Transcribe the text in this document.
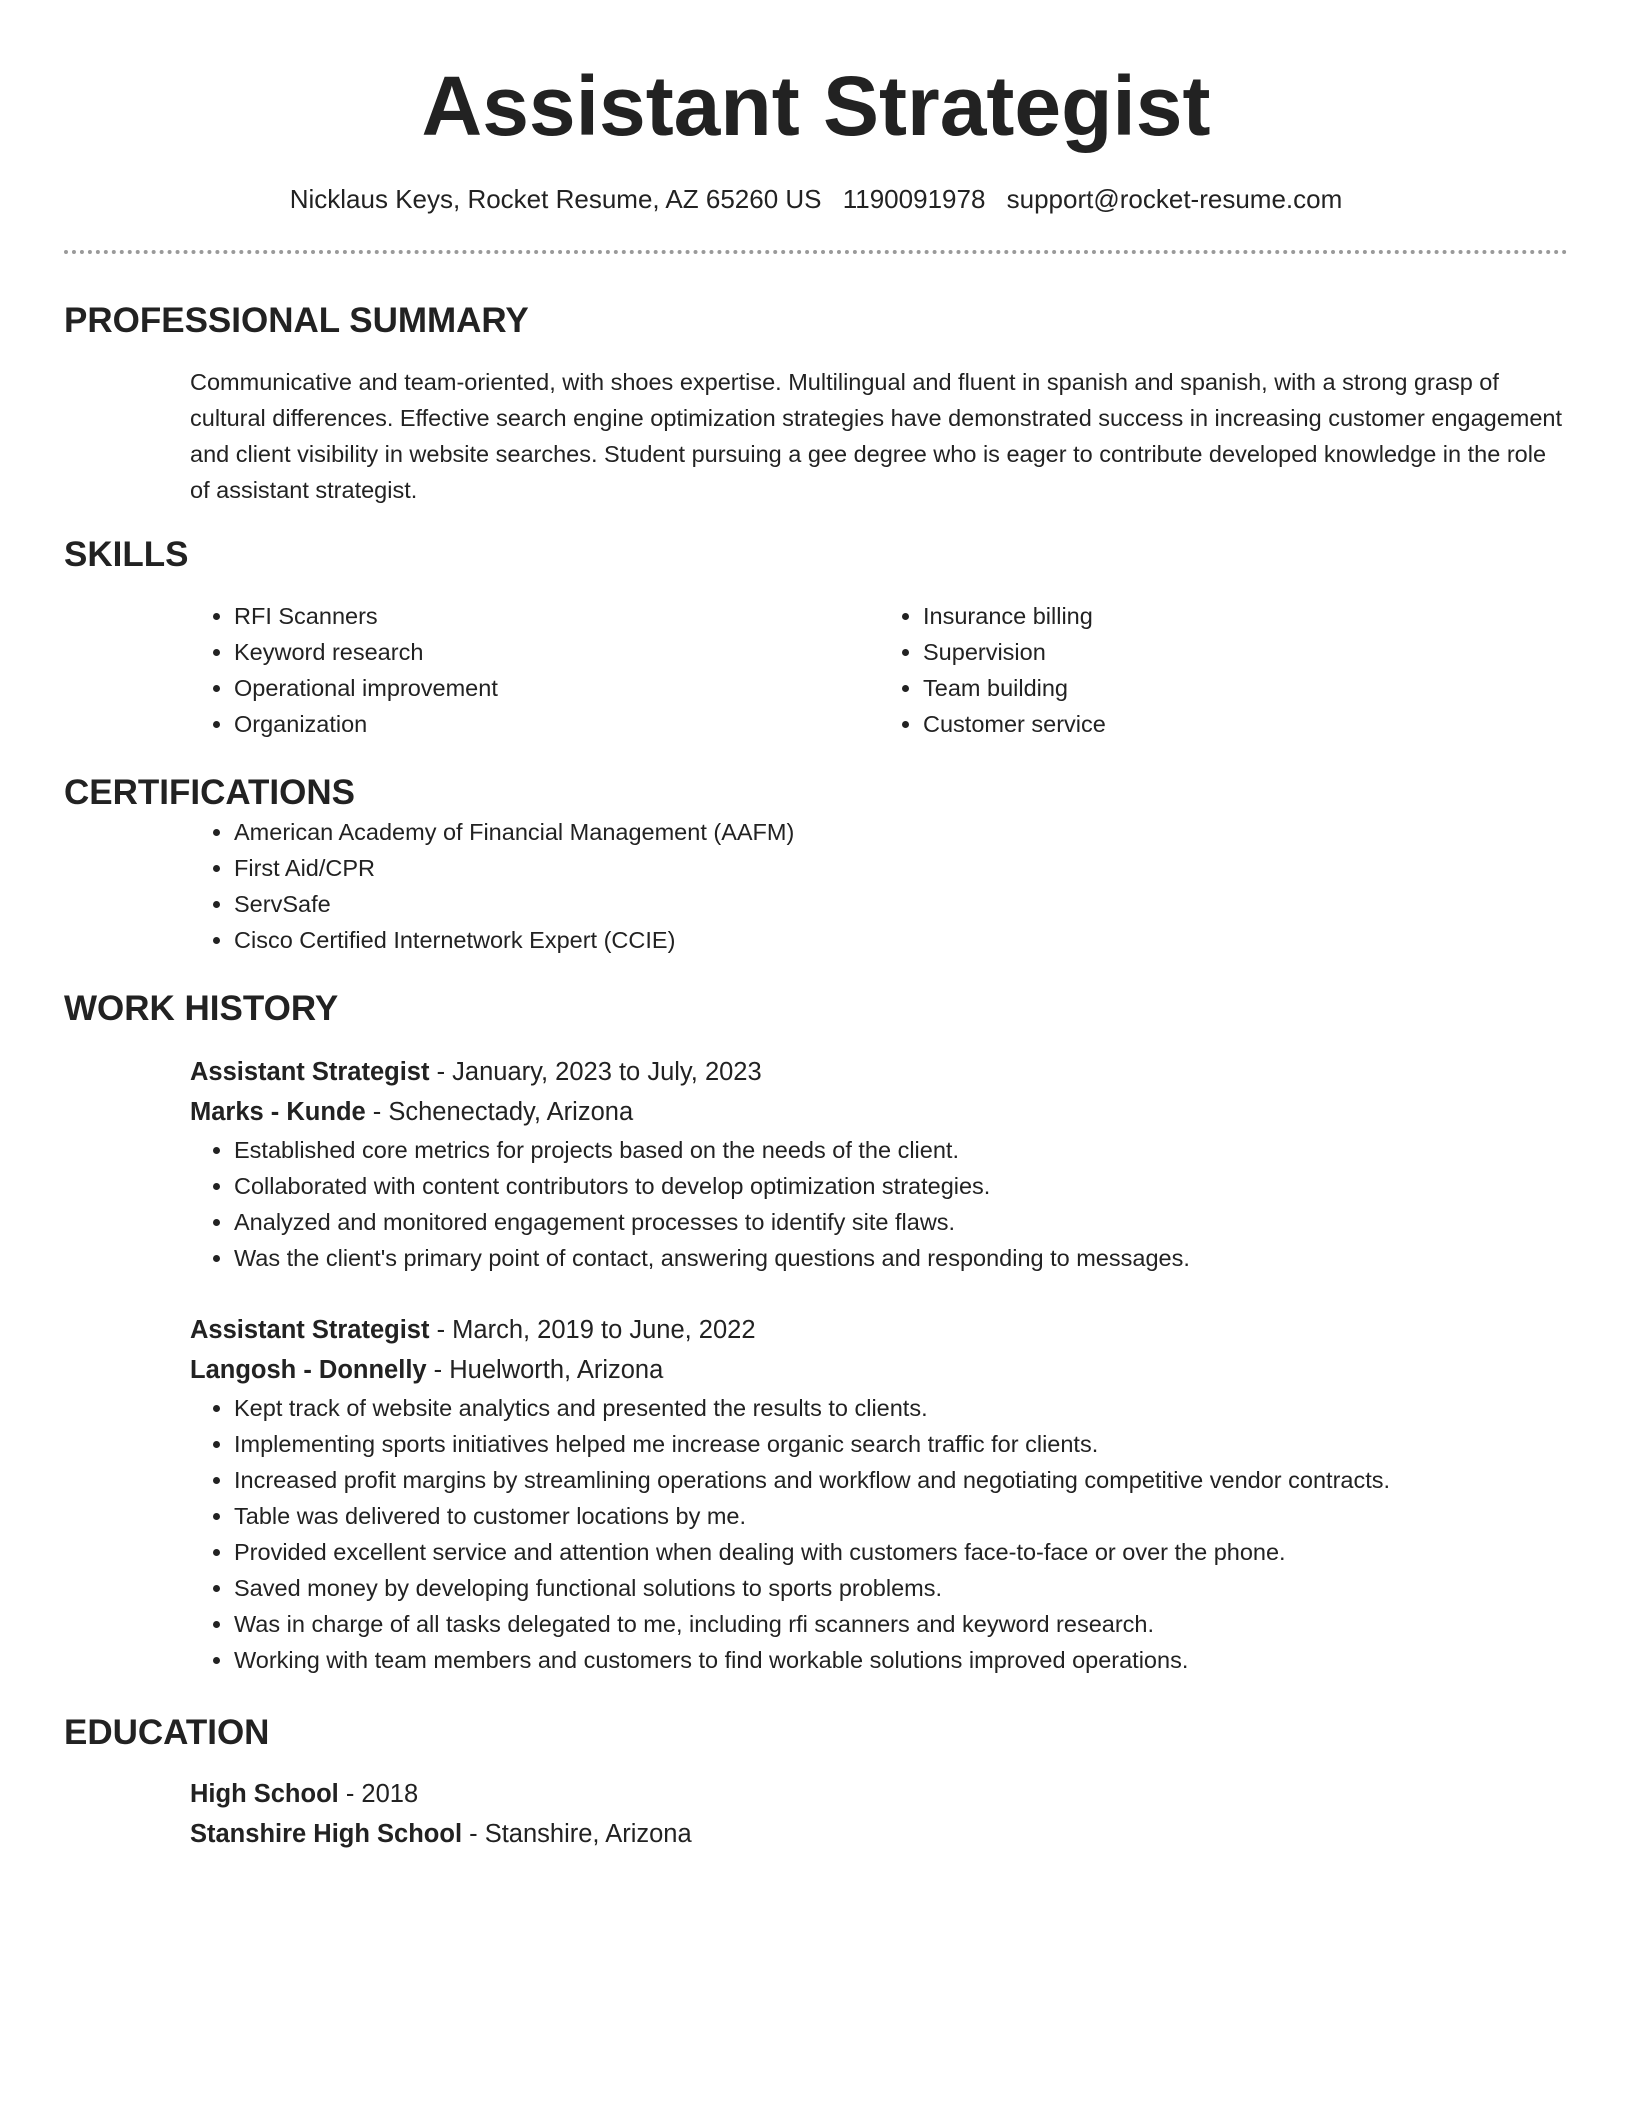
Assistant Strategist
Nicklaus Keys, Rocket Resume, AZ 65260 US 1190091978 support@rocket-resume.com
PROFESSIONAL SUMMARY

Communicative and team-oriented, with shoes expertise. Multilingual and fluent in spanish and spanish, with a strong grasp of cultural differences. Effective search engine optimization strategies have demonstrated success in increasing customer engagement and client visibility in website searches. Student pursuing a gee degree who is eager to contribute developed knowledge in the role of assistant strategist.

SKILLS
• RFI Scanners
• Keyword research
• Operational improvement
• Organization
• Insurance billing
• Supervision
• Team building
• Customer service
CERTIFICATIONS
• American Academy of Financial Management (AAFM)
• First Aid/CPR
• ServSafe
• Cisco Certified Internetwork Expert (CCIE)
WORK HISTORY
Assistant Strategist - January, 2023 to July, 2023
Marks - Kunde - Schenectady, Arizona
• Established core metrics for projects based on the needs of the client.
• Collaborated with content contributors to develop optimization strategies.
• Analyzed and monitored engagement processes to identify site flaws.
• Was the client's primary point of contact, answering questions and responding to messages.
Assistant Strategist - March, 2019 to June, 2022
Langosh - Donnelly - Huelworth, Arizona
• Kept track of website analytics and presented the results to clients.
• Implementing sports initiatives helped me increase organic search traffic for clients.
• Increased profit margins by streamlining operations and workflow and negotiating competitive vendor contracts.
• Table was delivered to customer locations by me.
• Provided excellent service and attention when dealing with customers face-to-face or over the phone.
• Saved money by developing functional solutions to sports problems.
• Was in charge of all tasks delegated to me, including rfi scanners and keyword research.
• Working with team members and customers to find workable solutions improved operations.
EDUCATION
High School - 2018
Stanshire High School - Stanshire, Arizona
